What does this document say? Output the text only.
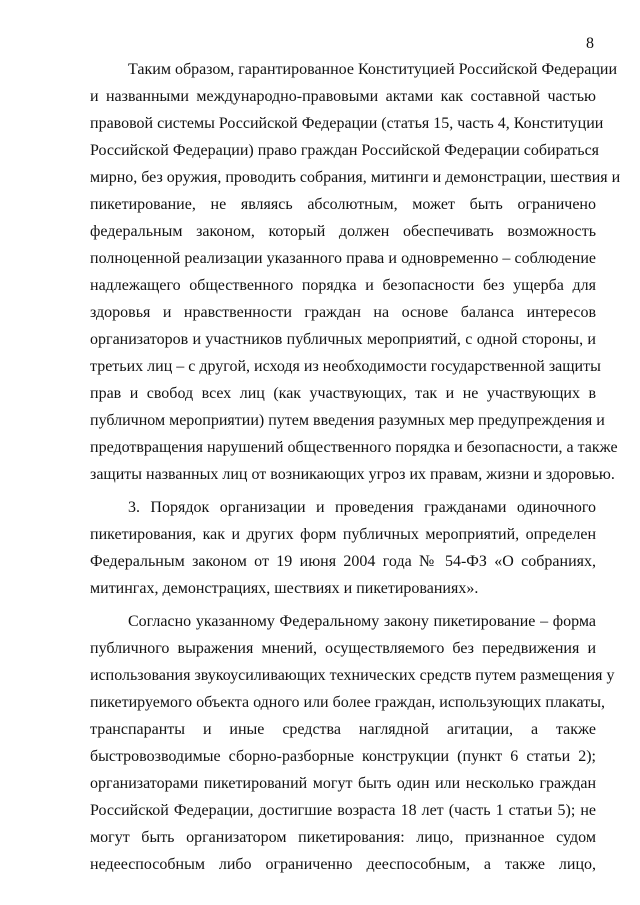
8
Таким образом, гарантированное Конституцией Российской Федерации
и названными международно-правовыми актами как составной частью
правовой системы Российской Федерации (статья 15, часть 4, Конституции
Российской Федерации) право граждан Российской Федерации собираться
мирно, без оружия, проводить собрания, митинги и демонстрации, шествия и
пикетирование, не являясь абсолютным, может быть ограничено
федеральным законом, который должен обеспечивать возможность
полноценной реализации указанного права и одновременно – соблюдение
надлежащего общественного порядка и безопасности без ущерба для
здоровья и нравственности граждан на основе баланса интересов
организаторов и участников публичных мероприятий, с одной стороны, и
третьих лиц – с другой, исходя из необходимости государственной защиты
прав и свобод всех лиц (как участвующих, так и не участвующих в
публичном мероприятии) путем введения разумных мер предупреждения и
предотвращения нарушений общественного порядка и безопасности, а также
защиты названных лиц от возникающих угроз их правам, жизни и здоровью.
3. Порядок организации и проведения гражданами одиночного
пикетирования, как и других форм публичных мероприятий, определен
Федеральным законом от 19 июня 2004 года № 54-ФЗ «О собраниях,
митингах, демонстрациях, шествиях и пикетированиях».
Согласно указанному Федеральному закону пикетирование – форма
публичного выражения мнений, осуществляемого без передвижения и
использования звукоусиливающих технических средств путем размещения у
пикетируемого объекта одного или более граждан, использующих плакаты,
транспаранты и иные средства наглядной агитации, а также
быстровозводимые сборно-разборные конструкции (пункт 6 статьи 2);
организаторами пикетирований могут быть один или несколько граждан
Российской Федерации, достигшие возраста 18 лет (часть 1 статьи 5); не
могут быть организатором пикетирования: лицо, признанное судом
недееспособным либо ограниченно дееспособным, а также лицо,
